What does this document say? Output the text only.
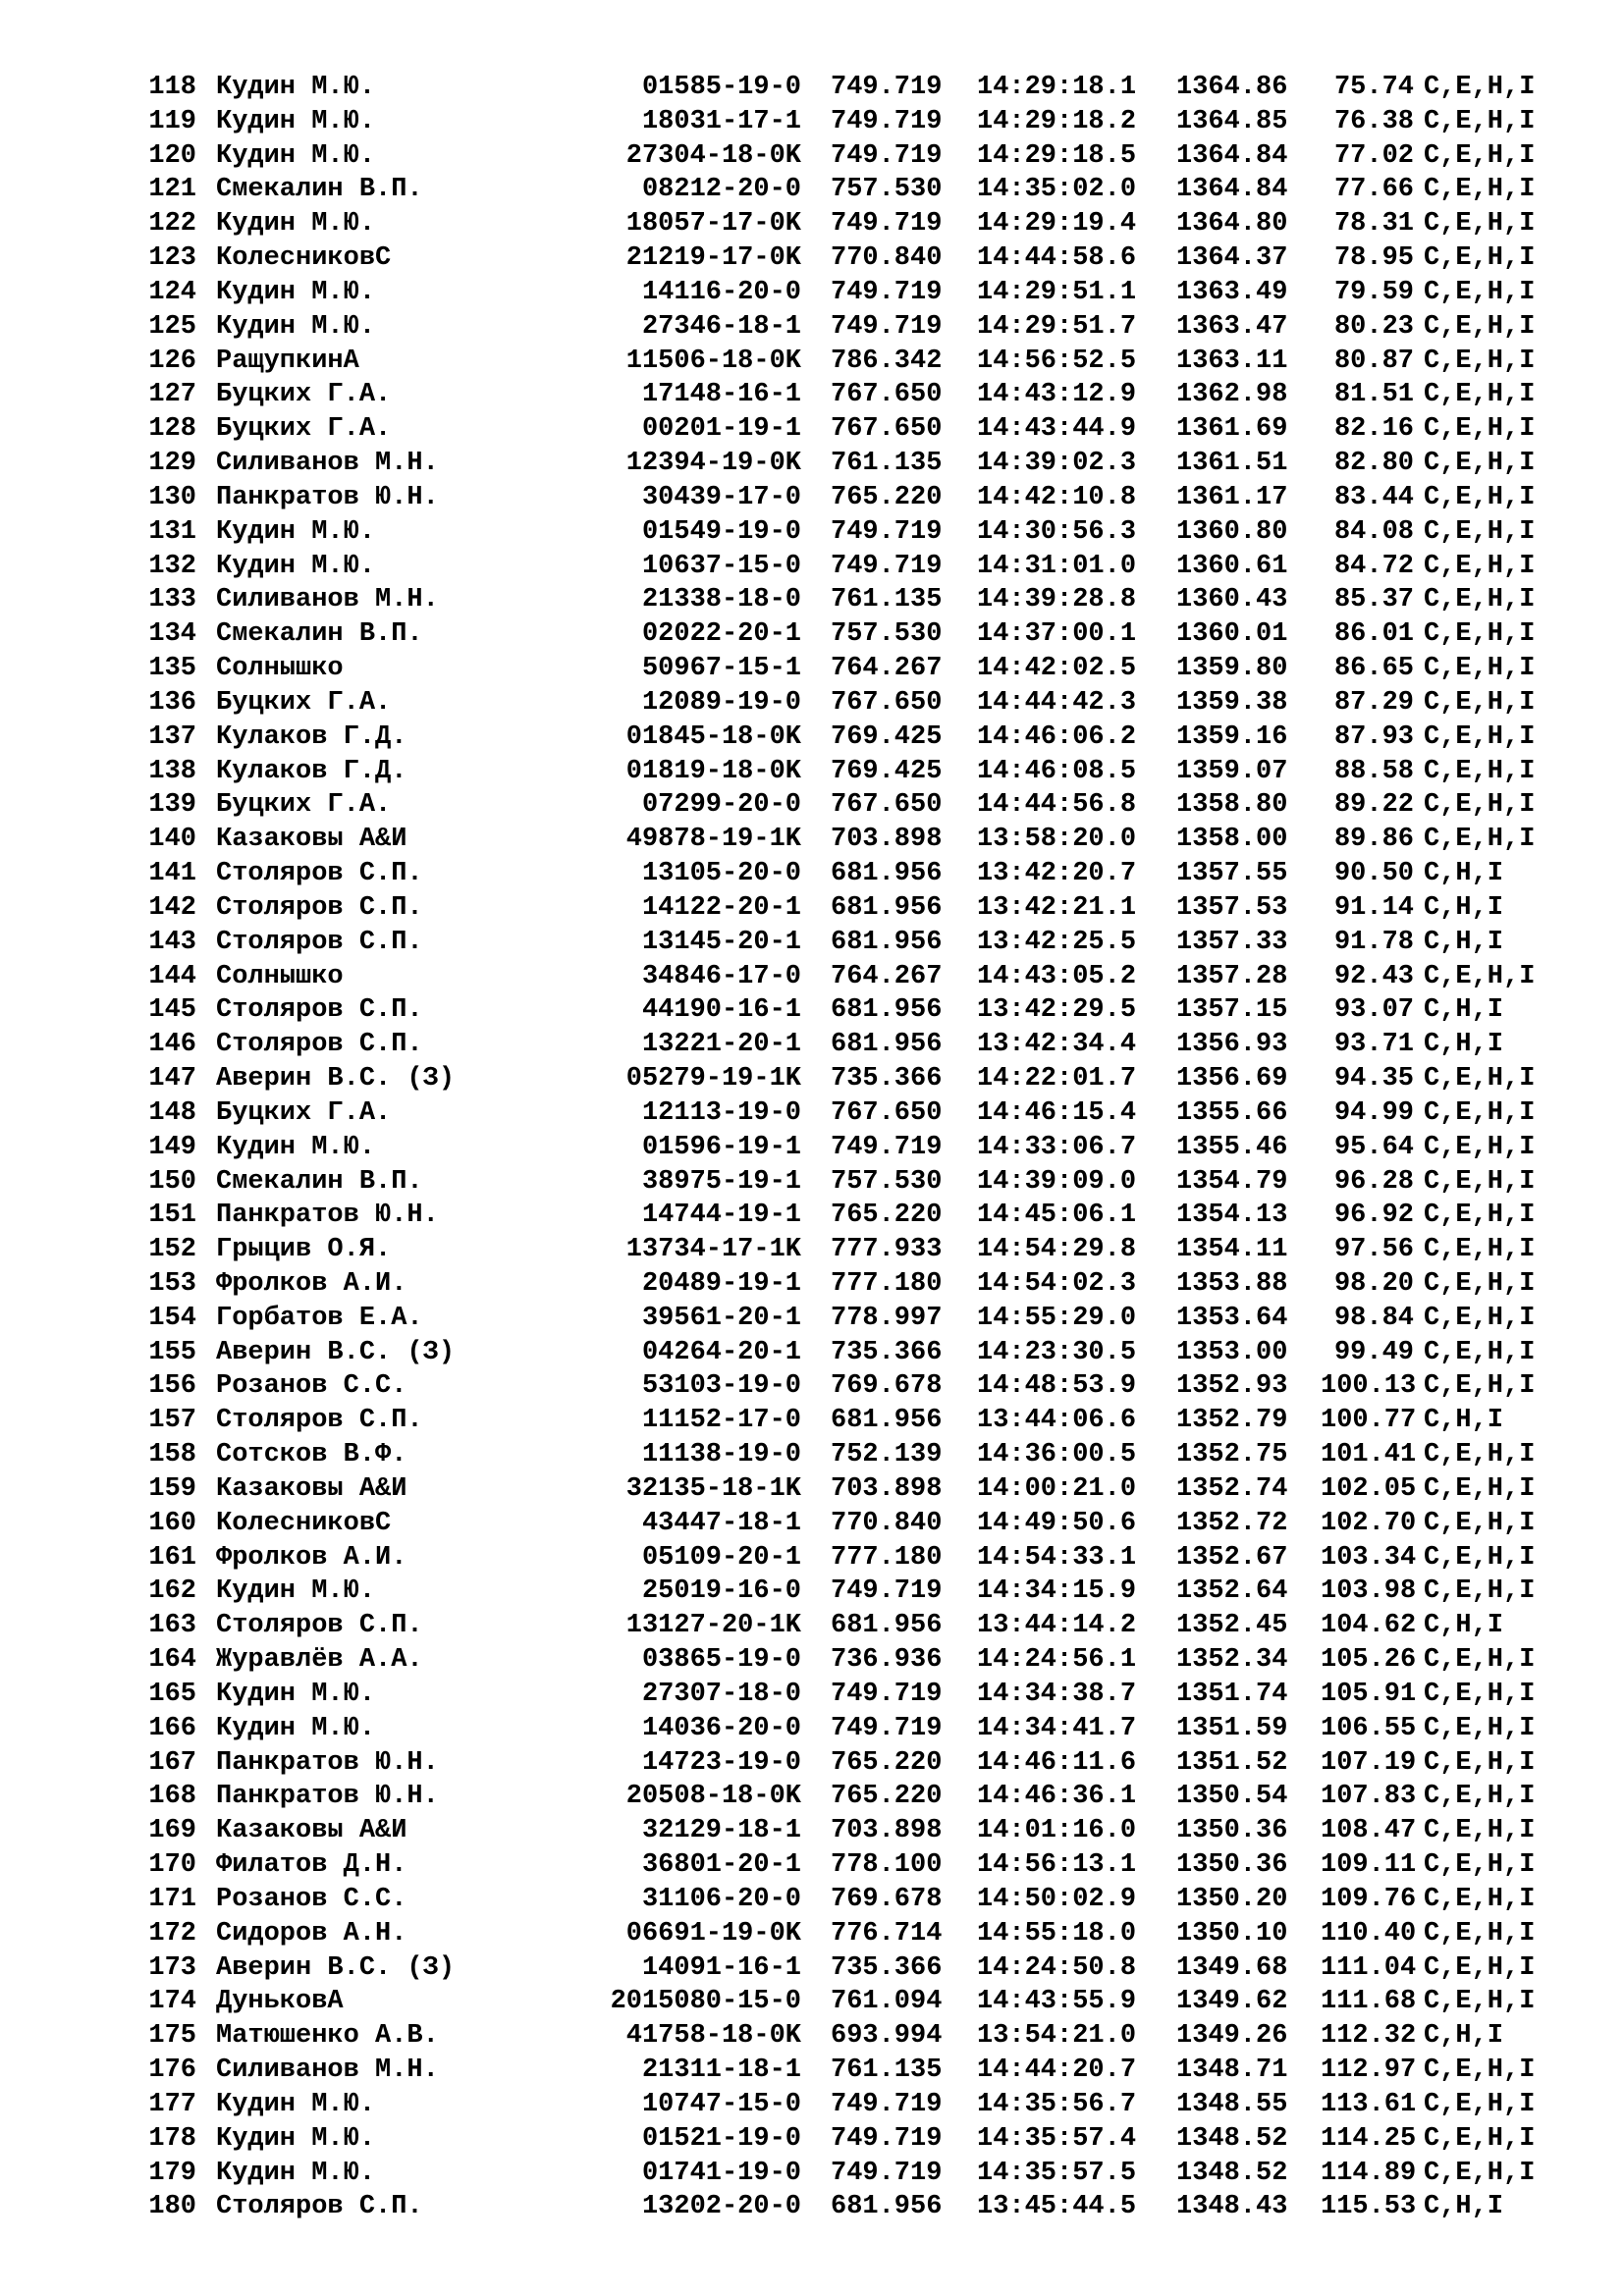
118 Кудин М.Ю.	01585-19-0 749.719 14:29:18.1 1364.86	75.74 C,E,H,I
119 Кудин М.Ю.	18031-17-1 749.719 14:29:18.2 1364.85	76.38 C,E,H,I
120 Кудин М.Ю.	27304-18-0K 749.719 14:29:18.5 1364.84	77.02 C,E,H,I
121 Смекалин В.П.	08212-20-0 757.530 14:35:02.0 1364.84	77.66 C,E,H,I
122 Кудин М.Ю.	18057-17-0K 749.719 14:29:19.4 1364.80	78.31 C,E,H,I
123 КолесниковС	21219-17-0K 770.840 14:44:58.6 1364.37	78.95 C,E,H,I
124 Кудин М.Ю.	14116-20-0 749.719 14:29:51.1 1363.49	79.59 C,E,H,I
125 Кудин М.Ю.	27346-18-1 749.719 14:29:51.7 1363.47	80.23 C,E,H,I
126 РащупкинА	11506-18-0K 786.342 14:56:52.5 1363.11	80.87 C,E,H,I
127 Буцких Г.А.	17148-16-1 767.650 14:43:12.9 1362.98	81.51 C,E,H,I
128 Буцких Г.А.	00201-19-1 767.650 14:43:44.9 1361.69	82.16 C,E,H,I
129 Силиванов М.Н.	12394-19-0K 761.135 14:39:02.3 1361.51	82.80 C,E,H,I
130 Панкратов Ю.Н.	30439-17-0 765.220 14:42:10.8 1361.17	83.44 C,E,H,I
131 Кудин М.Ю.	01549-19-0 749.719 14:30:56.3 1360.80	84.08 C,E,H,I
132 Кудин М.Ю.	10637-15-0 749.719 14:31:01.0 1360.61	84.72 C,E,H,I
133 Силиванов М.Н.	21338-18-0 761.135 14:39:28.8 1360.43	85.37 C,E,H,I
134 Смекалин В.П.	02022-20-1 757.530 14:37:00.1 1360.01	86.01 C,E,H,I
135 Солнышко	50967-15-1 764.267 14:42:02.5 1359.80	86.65 C,E,H,I
136 Буцких Г.А.	12089-19-0 767.650 14:44:42.3 1359.38	87.29 C,E,H,I
137 Кулаков Г.Д.	01845-18-0K 769.425 14:46:06.2 1359.16	87.93 C,E,H,I
138 Кулаков Г.Д.	01819-18-0K 769.425 14:46:08.5 1359.07	88.58 C,E,H,I
139 Буцких Г.А.	07299-20-0 767.650 14:44:56.8 1358.80	89.22 C,E,H,I
140 Казаковы А&И	49878-19-1K 703.898 13:58:20.0 1358.00	89.86 C,E,H,I
141 Столяров С.П.	13105-20-0 681.956 13:42:20.7 1357.55	90.50 C,H,I
142 Столяров С.П.	14122-20-1 681.956 13:42:21.1 1357.53	91.14 C,H,I
143 Столяров С.П.	13145-20-1 681.956 13:42:25.5 1357.33	91.78 C,H,I
144 Солнышко	34846-17-0 764.267 14:43:05.2 1357.28	92.43 C,E,H,I
145 Столяров С.П.	44190-16-1 681.956 13:42:29.5 1357.15	93.07 C,H,I
146 Столяров С.П.	13221-20-1 681.956 13:42:34.4 1356.93	93.71 C,H,I
147 Аверин В.С. (З)	05279-19-1K 735.366 14:22:01.7 1356.69	94.35 C,E,H,I
148 Буцких Г.А.	12113-19-0 767.650 14:46:15.4 1355.66	94.99 C,E,H,I
149 Кудин М.Ю.	01596-19-1 749.719 14:33:06.7 1355.46	95.64 C,E,H,I
150 Смекалин В.П.	38975-19-1 757.530 14:39:09.0 1354.79	96.28 C,E,H,I
151 Панкратов Ю.Н.	14744-19-1 765.220 14:45:06.1 1354.13	96.92 C,E,H,I
152 Грыцив О.Я.	13734-17-1K 777.933 14:54:29.8 1354.11	97.56 C,E,H,I
153 Фролков А.И.	20489-19-1 777.180 14:54:02.3 1353.88	98.20 C,E,H,I
154 Горбатов Е.А.	39561-20-1 778.997 14:55:29.0 1353.64	98.84 C,E,H,I
155 Аверин В.С. (З)	04264-20-1 735.366 14:23:30.5 1353.00	99.49 C,E,H,I
156 Розанов С.С.	53103-19-0 769.678 14:48:53.9 1352.93 100.13 C,E,H,I
157 Столяров С.П.	11152-17-0 681.956 13:44:06.6 1352.79 100.77 C,H,I
158 Сотсков В.Ф.	11138-19-0 752.139 14:36:00.5 1352.75 101.41 C,E,H,I
159 Казаковы А&И	32135-18-1K 703.898 14:00:21.0 1352.74 102.05 C,E,H,I
160 КолесниковС	43447-18-1 770.840 14:49:50.6 1352.72 102.70 C,E,H,I
161 Фролков А.И.	05109-20-1 777.180 14:54:33.1 1352.67 103.34 C,E,H,I
162 Кудин М.Ю.	25019-16-0 749.719 14:34:15.9 1352.64 103.98 C,E,H,I
163 Столяров С.П.	13127-20-1K 681.956 13:44:14.2 1352.45 104.62 C,H,I
164 Журавлёв А.А.	03865-19-0 736.936 14:24:56.1 1352.34 105.26 C,E,H,I
165 Кудин М.Ю.	27307-18-0 749.719 14:34:38.7 1351.74 105.91 C,E,H,I
166 Кудин М.Ю.	14036-20-0 749.719 14:34:41.7 1351.59 106.55 C,E,H,I
167 Панкратов Ю.Н.	14723-19-0 765.220 14:46:11.6 1351.52 107.19 C,E,H,I
168 Панкратов Ю.Н.	20508-18-0K 765.220 14:46:36.1 1350.54 107.83 C,E,H,I
169 Казаковы А&И	32129-18-1 703.898 14:01:16.0 1350.36 108.47 C,E,H,I
170 Филатов Д.Н.	36801-20-1 778.100 14:56:13.1 1350.36 109.11 C,E,H,I
171 Розанов С.С.	31106-20-0 769.678 14:50:02.9 1350.20 109.76 C,E,H,I
172 Сидоров А.Н.	06691-19-0K 776.714 14:55:18.0 1350.10 110.40 C,E,H,I
173 Аверин В.С. (З)	14091-16-1 735.366 14:24:50.8 1349.68 111.04 C,E,H,I
174 ДуньковА	2015080-15-0 761.094 14:43:55.9 1349.62 111.68 C,E,H,I
175 Матюшенко А.В.	41758-18-0K 693.994 13:54:21.0 1349.26 112.32 C,H,I
176 Силиванов М.Н.	21311-18-1 761.135 14:44:20.7 1348.71 112.97 C,E,H,I
177 Кудин М.Ю.	10747-15-0 749.719 14:35:56.7 1348.55 113.61 C,E,H,I
178 Кудин М.Ю.	01521-19-0 749.719 14:35:57.4 1348.52 114.25 C,E,H,I
179 Кудин М.Ю.	01741-19-0 749.719 14:35:57.5 1348.52 114.89 C,E,H,I
180 Столяров С.П.	13202-20-0 681.956 13:45:44.5 1348.43 115.53 C,H,I
